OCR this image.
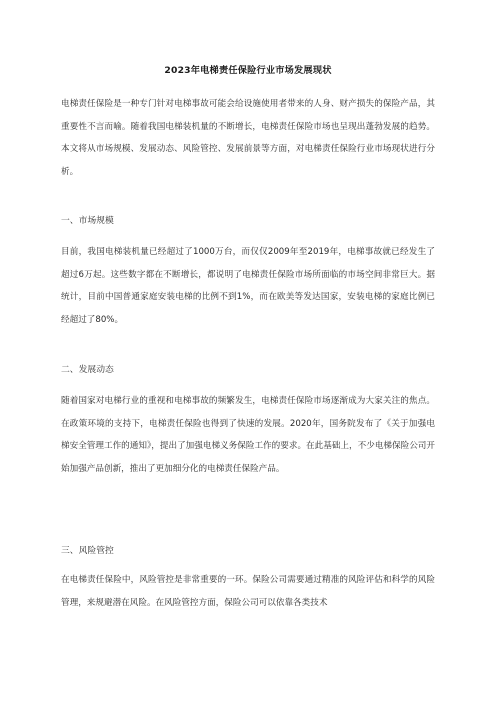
2023年电梯责任保险行业市场发展现状

电梯责任保险是一种专门针对电梯事故可能会给设施使用者带来的人身、财产损失的保险产品，其重要性不言而喻。随着我国电梯装机量的不断增长，电梯责任保险市场也呈现出蓬勃发展的趋势。本文将从市场规模、发展动态、风险管控、发展前景等方面，对电梯责任保险行业市场现状进行分析。

一、市场规模

目前，我国电梯装机量已经超过了1000万台，而仅仅2009年至2019年，电梯事故就已经发生了超过6万起。这些数字都在不断增长，都说明了电梯责任保险市场所面临的市场空间非常巨大。据统计，目前中国普通家庭安装电梯的比例不到1%，而在欧美等发达国家，安装电梯的家庭比例已经超过了80%。

二、发展动态

随着国家对电梯行业的重视和电梯事故的频繁发生，电梯责任保险市场逐渐成为大家关注的焦点。在政策环境的支持下，电梯责任保险也得到了快速的发展。2020年，国务院发布了《关于加强电梯安全管理工作的通知》，提出了加强电梯义务保险工作的要求。在此基础上，不少电梯保险公司开始加强产品创新，推出了更加细分化的电梯责任保险产品。

三、风险管控

在电梯责任保险中，风险管控是非常重要的一环。保险公司需要通过精准的风险评估和科学的风险管理，来规避潜在风险。在风险管控方面，保险公司可以依靠各类技术
